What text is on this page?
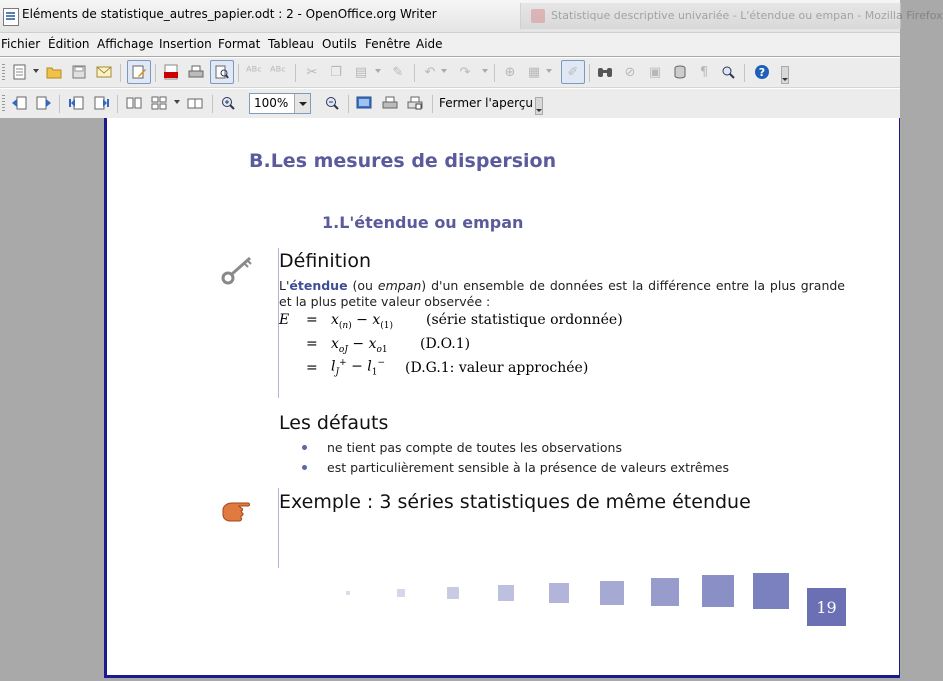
Eléments de statistique_autres_papier.odt : 2 - OpenOffice.org Writer	Statistique descriptive univariée - L'étendue ou empan - Mozilla Firefox
Fichier Édition Affichage Insertion Format Tableau Outils Fenêtre Aide
ᴬᴮᶜ ᴬᴮᶜ	✂ ❐	▤	✎	↶	↷	⊕ ▦ ✐	⊘	▣	¶	?
100%	Fermer l'aperçu
B.Les mesures de dispersion
1.L'étendue ou empan
Définition
L'étendue (ou empan) d'un ensemble de données est la différence entre la plus grande et la plus petite valeur observée :
$E = x_{(n)} - x_{(1)}$ (série statistique ordonnée)
= $x_{oJ} - x_{o1}$ (D.O.1)
= $l_J^+ - l_1^-$ (D.G.1: valeur approchée)
Les défauts
ne tient pas compte de toutes les observations
est particulièrement sensible à la présence de valeurs extrêmes
Exemple : 3 séries statistiques de même étendue
19
